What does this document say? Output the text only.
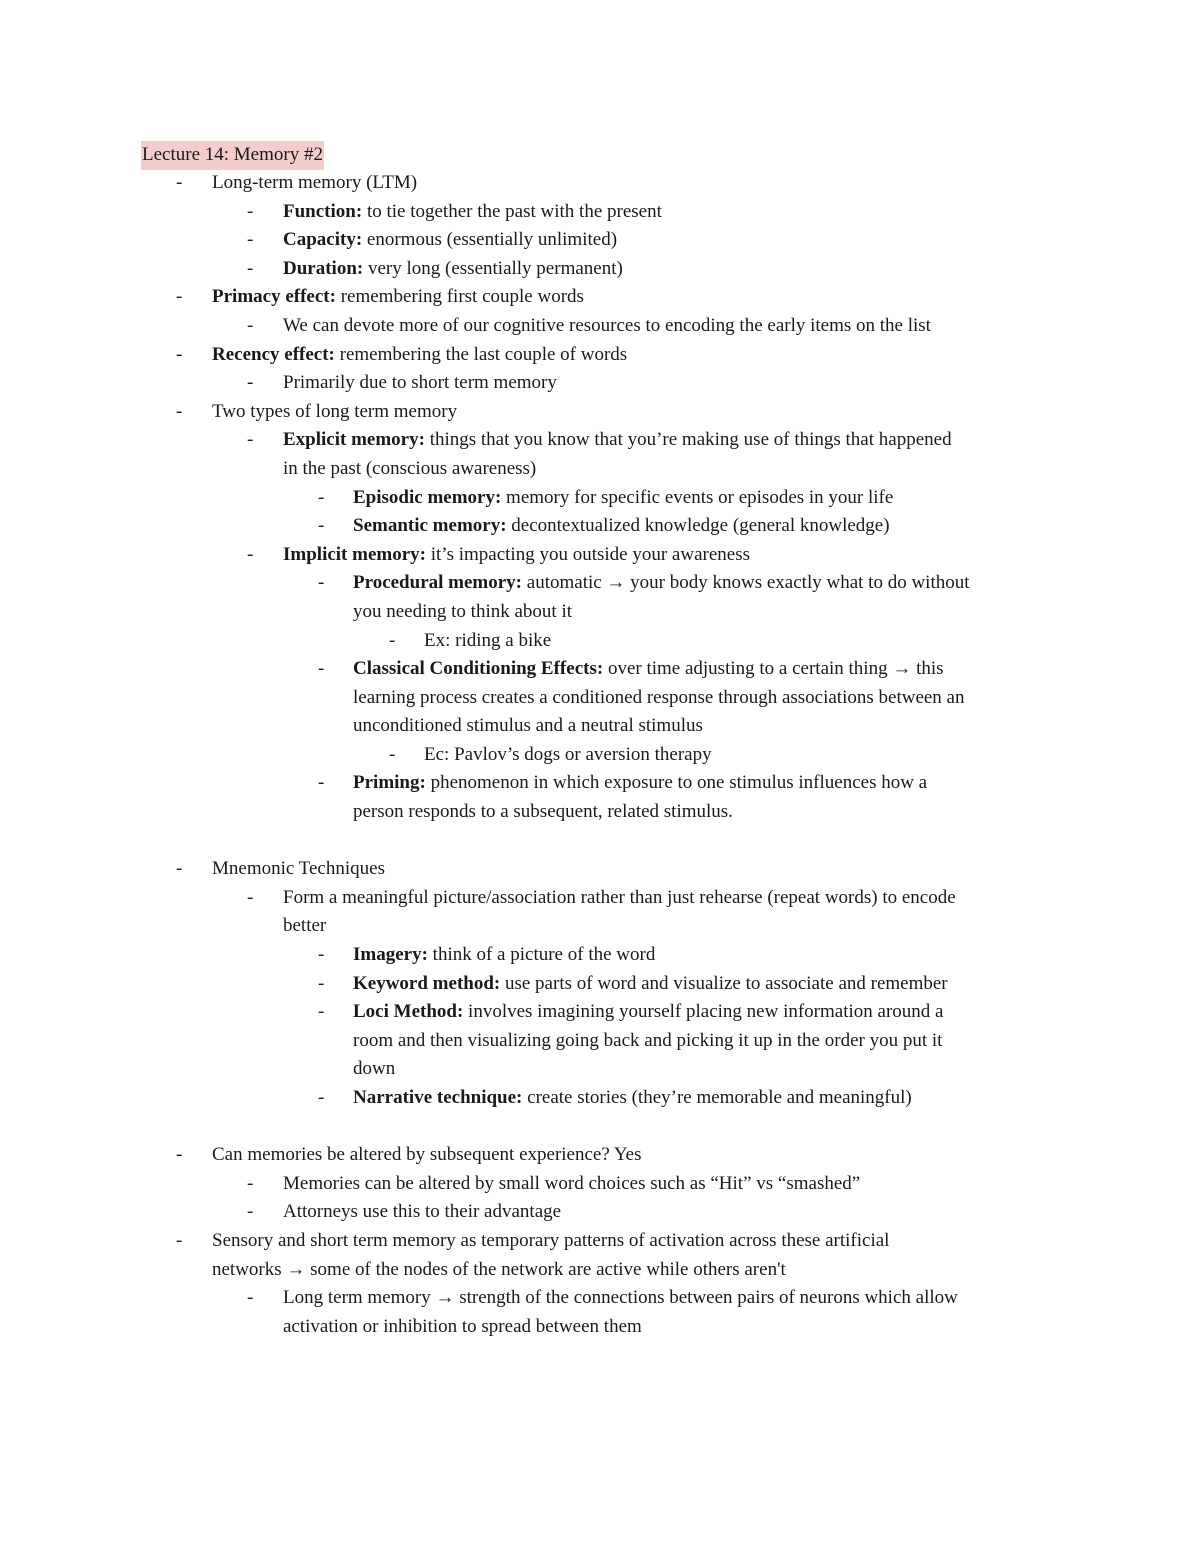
Lecture 14: Memory #2
- Long-term memory (LTM)
- Function: to tie together the past with the present
- Capacity: enormous (essentially unlimited)
- Duration: very long (essentially permanent)
- Primacy effect: remembering first couple words
- We can devote more of our cognitive resources to encoding the early items on the list
- Recency effect: remembering the last couple of words
- Primarily due to short term memory
- Two types of long term memory
- Explicit memory: things that you know that you’re making use of things that happened
in the past (conscious awareness)
- Episodic memory: memory for specific events or episodes in your life
- Semantic memory: decontextualized knowledge (general knowledge)
- Implicit memory: it’s impacting you outside your awareness
- Procedural memory: automatic → your body knows exactly what to do without
you needing to think about it
- Ex: riding a bike
- Classical Conditioning Effects: over time adjusting to a certain thing → this
learning process creates a conditioned response through associations between an
unconditioned stimulus and a neutral stimulus
- Ec: Pavlov’s dogs or aversion therapy
- Priming: phenomenon in which exposure to one stimulus influences how a
person responds to a subsequent, related stimulus.
- Mnemonic Techniques
- Form a meaningful picture/association rather than just rehearse (repeat words) to encode
better
- Imagery: think of a picture of the word
- Keyword method: use parts of word and visualize to associate and remember
- Loci Method: involves imagining yourself placing new information around a
room and then visualizing going back and picking it up in the order you put it
down
- Narrative technique: create stories (they’re memorable and meaningful)
- Can memories be altered by subsequent experience? Yes
- Memories can be altered by small word choices such as “Hit” vs “smashed”
- Attorneys use this to their advantage
- Sensory and short term memory as temporary patterns of activation across these artificial
networks → some of the nodes of the network are active while others aren't
- Long term memory → strength of the connections between pairs of neurons which allow
activation or inhibition to spread between them
